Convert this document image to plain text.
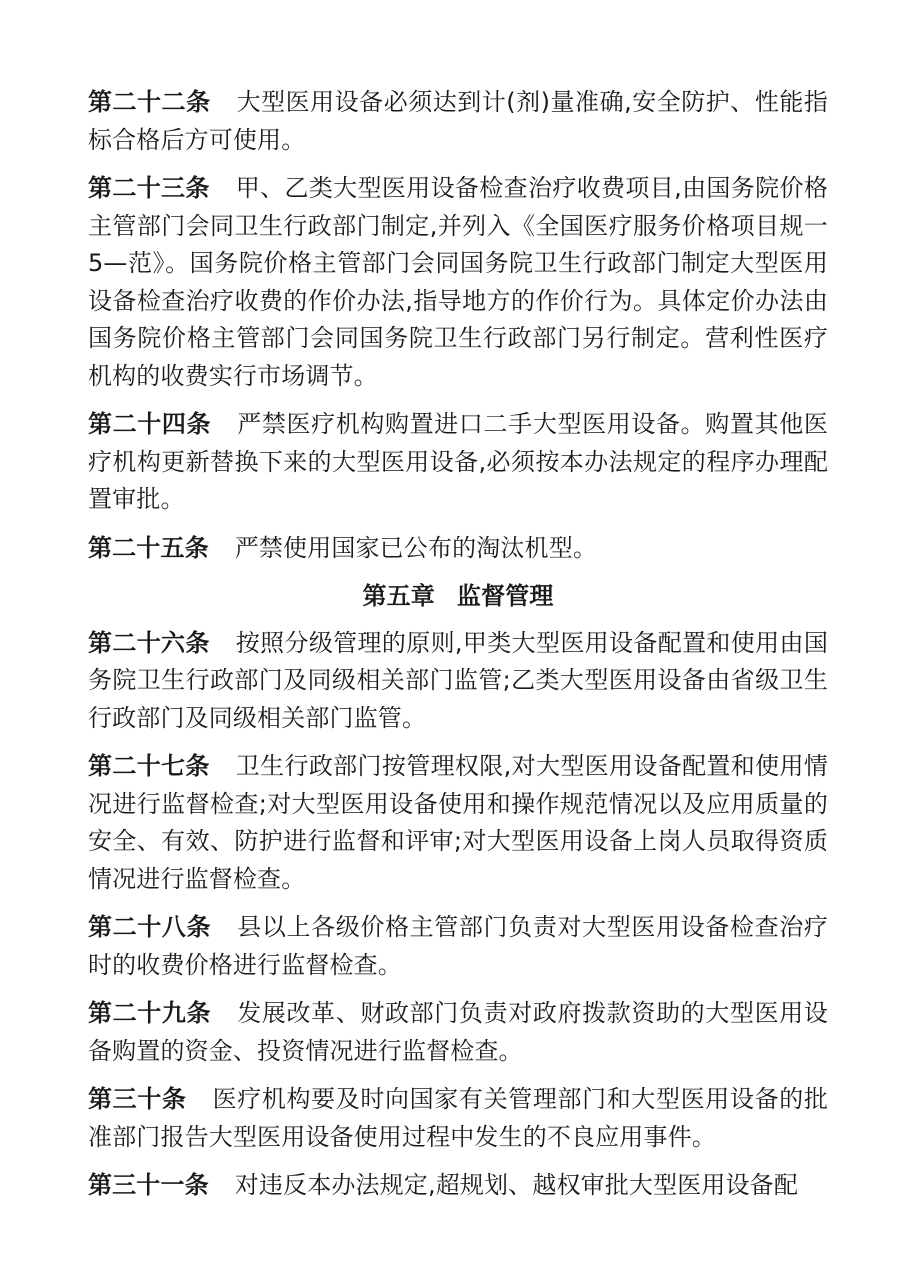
第二十二条 大型医用设备必须达到计(剂)量准确,安全防护、性能指标合格后方可使用。

第二十三条 甲、乙类大型医用设备检查治疗收费项目,由国务院价格主管部门会同卫生行政部门制定,并列入《全国医疗服务价格项目规一5—范》。国务院价格主管部门会同国务院卫生行政部门制定大型医用设备检查治疗收费的作价办法,指导地方的作价行为。具体定价办法由国务院价格主管部门会同国务院卫生行政部门另行制定。营利性医疗机构的收费实行市场调节。

第二十四条 严禁医疗机构购置进口二手大型医用设备。购置其他医疗机构更新替换下来的大型医用设备,必须按本办法规定的程序办理配置审批。

第二十五条 严禁使用国家已公布的淘汰机型。

第五章 监督管理

第二十六条 按照分级管理的原则,甲类大型医用设备配置和使用由国务院卫生行政部门及同级相关部门监管;乙类大型医用设备由省级卫生行政部门及同级相关部门监管。

第二十七条 卫生行政部门按管理权限,对大型医用设备配置和使用情况进行监督检查;对大型医用设备使用和操作规范情况以及应用质量的安全、有效、防护进行监督和评审;对大型医用设备上岗人员取得资质情况进行监督检查。

第二十八条 县以上各级价格主管部门负责对大型医用设备检查治疗时的收费价格进行监督检查。

第二十九条 发展改革、财政部门负责对政府拨款资助的大型医用设备购置的资金、投资情况进行监督检查。

第三十条 医疗机构要及时向国家有关管理部门和大型医用设备的批准部门报告大型医用设备使用过程中发生的不良应用事件。

第三十一条 对违反本办法规定,超规划、越权审批大型医用设备配
